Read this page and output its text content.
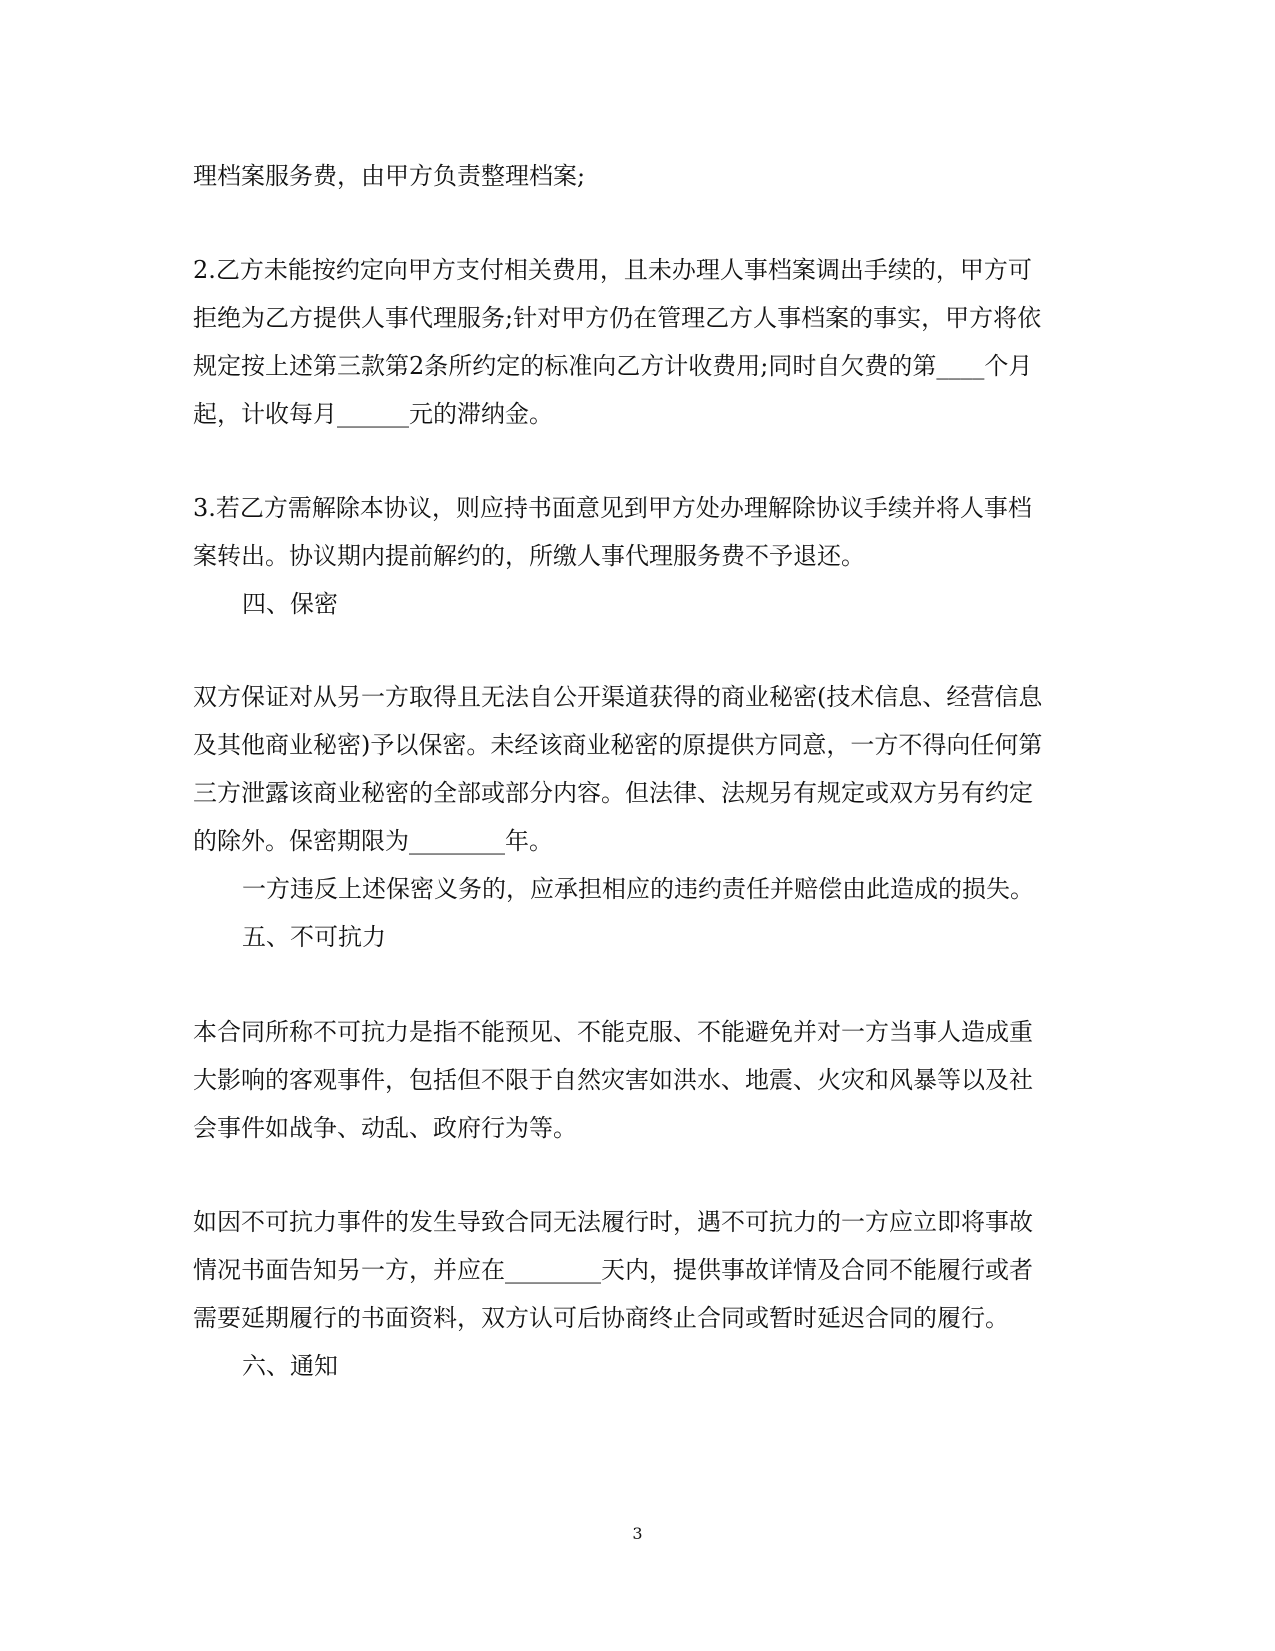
理档案服务费，由甲方负责整理档案;

2.乙方未能按约定向甲方支付相关费用，且未办理人事档案调出手续的，甲方可

拒绝为乙方提供人事代理服务;针对甲方仍在管理乙方人事档案的事实，甲方将依

规定按上述第三款第2条所约定的标准向乙方计收费用;同时自欠费的第____个月

起，计收每月______元的滞纳金。

3.若乙方需解除本协议，则应持书面意见到甲方处办理解除协议手续并将人事档

案转出。协议期内提前解约的，所缴人事代理服务费不予退还。

四、保密

双方保证对从另一方取得且无法自公开渠道获得的商业秘密(技术信息、经营信息

及其他商业秘密)予以保密。未经该商业秘密的原提供方同意，一方不得向任何第

三方泄露该商业秘密的全部或部分内容。但法律、法规另有规定或双方另有约定

的除外。保密期限为________年。

一方违反上述保密义务的，应承担相应的违约责任并赔偿由此造成的损失。

五、不可抗力

本合同所称不可抗力是指不能预见、不能克服、不能避免并对一方当事人造成重

大影响的客观事件，包括但不限于自然灾害如洪水、地震、火灾和风暴等以及社

会事件如战争、动乱、政府行为等。

如因不可抗力事件的发生导致合同无法履行时，遇不可抗力的一方应立即将事故

情况书面告知另一方，并应在________天内，提供事故详情及合同不能履行或者

需要延期履行的书面资料，双方认可后协商终止合同或暂时延迟合同的履行。

六、通知

3
